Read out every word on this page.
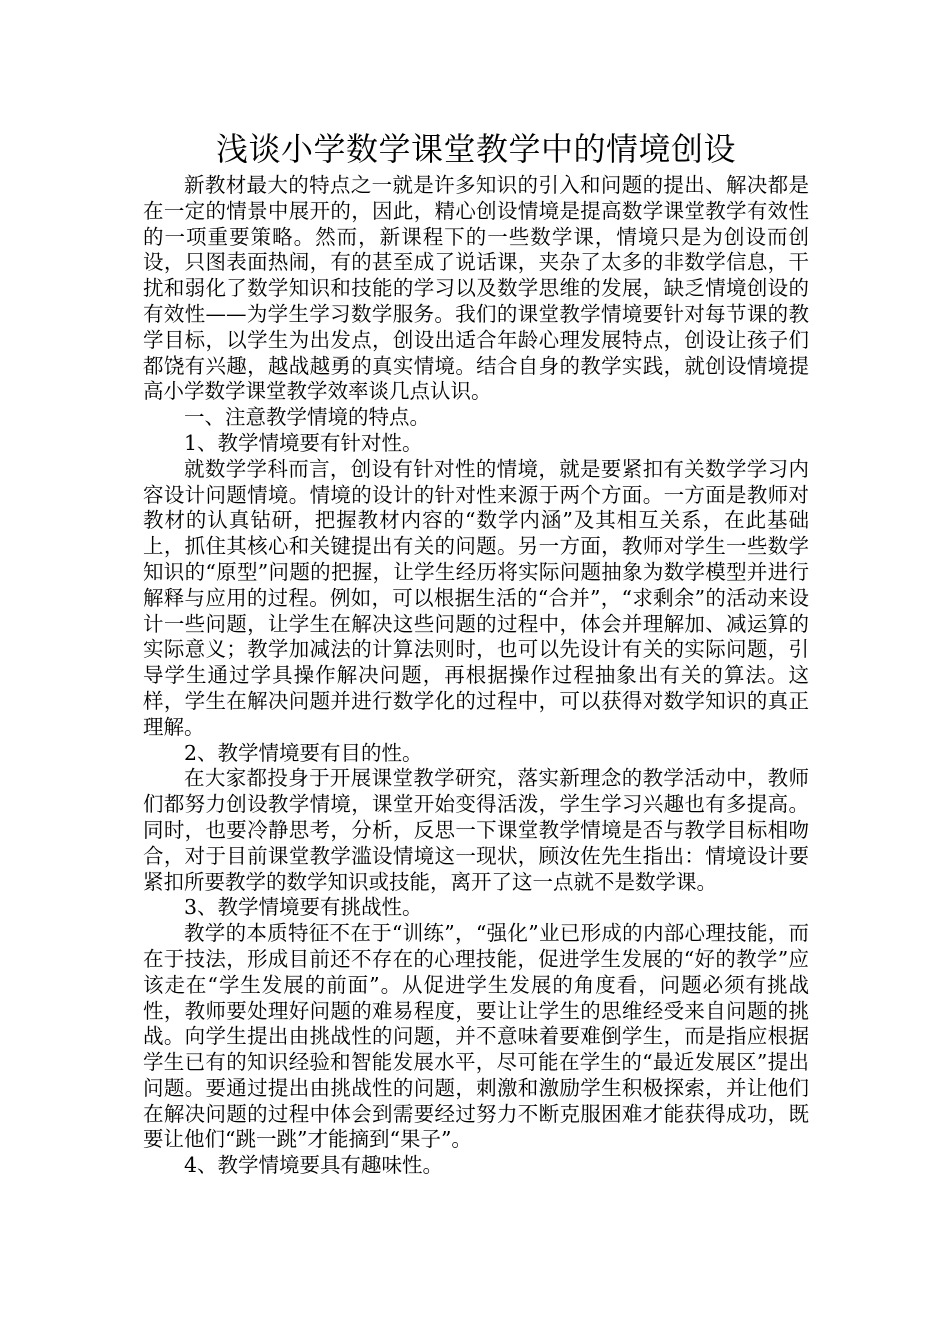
浅谈小学数学课堂教学中的情境创设

新教材最大的特点之一就是许多知识的引入和问题的提出、解决都是在一定的情景中展开的，因此，精心创设情境是提高数学课堂教学有效性的一项重要策略。然而，新课程下的一些数学课，情境只是为创设而创设，只图表面热闹，有的甚至成了说话课，夹杂了太多的非数学信息，干扰和弱化了数学知识和技能的学习以及数学思维的发展，缺乏情境创设的有效性——为学生学习数学服务。我们的课堂教学情境要针对每节课的教学目标，以学生为出发点，创设出适合年龄心理发展特点，创设让孩子们都饶有兴趣，越战越勇的真实情境。结合自身的教学实践，就创设情境提高小学数学课堂教学效率谈几点认识。

一、注意教学情境的特点。

1、教学情境要有针对性。

就数学学科而言，创设有针对性的情境，就是要紧扣有关数学学习内容设计问题情境。情境的设计的针对性来源于两个方面。一方面是教师对教材的认真钻研，把握教材内容的“数学内涵”及其相互关系，在此基础上，抓住其核心和关键提出有关的问题。另一方面，教师对学生一些数学知识的“原型”问题的把握，让学生经历将实际问题抽象为数学模型并进行解释与应用的过程。例如，可以根据生活的“合并”，“求剩余”的活动来设计一些问题，让学生在解决这些问题的过程中，体会并理解加、减运算的实际意义；教学加减法的计算法则时，也可以先设计有关的实际问题，引导学生通过学具操作解决问题，再根据操作过程抽象出有关的算法。这样，学生在解决问题并进行数学化的过程中，可以获得对数学知识的真正理解。

2、教学情境要有目的性。

在大家都投身于开展课堂教学研究，落实新理念的教学活动中，教师们都努力创设教学情境，课堂开始变得活泼，学生学习兴趣也有多提高。同时，也要冷静思考，分析，反思一下课堂教学情境是否与教学目标相吻合，对于目前课堂教学滥设情境这一现状，顾汝佐先生指出：情境设计要紧扣所要教学的数学知识或技能，离开了这一点就不是数学课。

3、教学情境要有挑战性。

教学的本质特征不在于“训练”，“强化”业已形成的内部心理技能，而在于技法，形成目前还不存在的心理技能，促进学生发展的“好的教学”应该走在“学生发展的前面”。从促进学生发展的角度看，问题必须有挑战性，教师要处理好问题的难易程度，要让让学生的思维经受来自问题的挑战。向学生提出由挑战性的问题，并不意味着要难倒学生，而是指应根据学生已有的知识经验和智能发展水平，尽可能在学生的“最近发展区”提出问题。要通过提出由挑战性的问题，刺激和激励学生积极探索，并让他们在解决问题的过程中体会到需要经过努力不断克服困难才能获得成功，既要让他们“跳一跳”才能摘到“果子”。

4、教学情境要具有趣味性。
